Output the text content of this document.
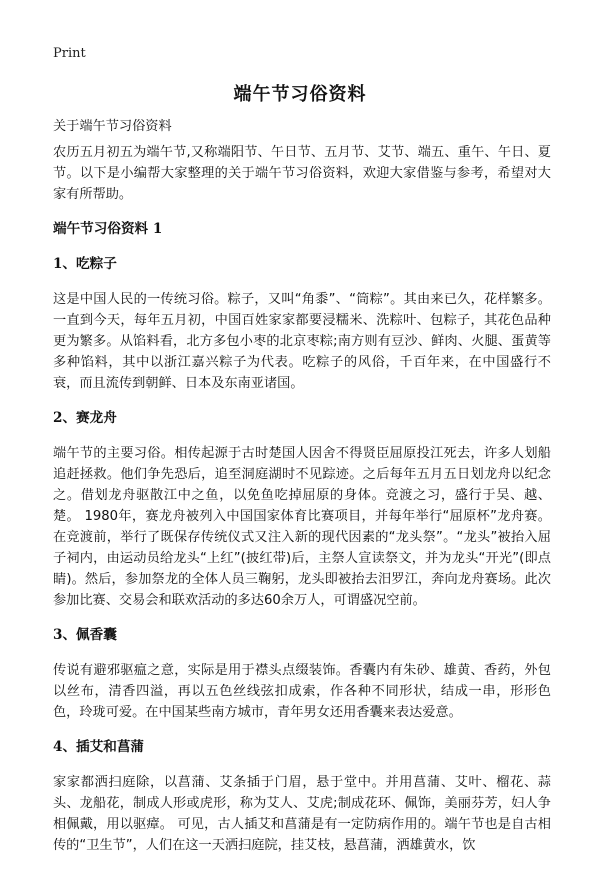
Print
端午节习俗资料
关于端午节习俗资料

农历五月初五为端午节,又称端阳节、午日节、五月节、艾节、端五、重午、午日、夏节。以下是小编帮大家整理的关于端午节习俗资料，欢迎大家借鉴与参考，希望对大家有所帮助。

端午节习俗资料 1
1、吃粽子

这是中国人民的一传统习俗。粽子，又叫“角黍”、“筒粽”。其由来已久，花样繁多。一直到今天，每年五月初，中国百姓家家都要浸糯米、洗粽叶、包粽子，其花色品种更为繁多。从馅料看，北方多包小枣的北京枣粽;南方则有豆沙、鲜肉、火腿、蛋黄等多种馅料，其中以浙江嘉兴粽子为代表。吃粽子的风俗，千百年来，在中国盛行不衰，而且流传到朝鲜、日本及东南亚诸国。

2、赛龙舟

端午节的主要习俗。相传起源于古时楚国人因舍不得贤臣屈原投江死去，许多人划船追赶拯救。他们争先恐后，追至洞庭湖时不见踪迹。之后每年五月五日划龙舟以纪念之。借划龙舟驱散江中之鱼，以免鱼吃掉屈原的身体。竞渡之习，盛行于吴、越、楚。 1980年，赛龙舟被列入中国国家体育比赛项目，并每年举行“屈原杯”龙舟赛。在竞渡前，举行了既保存传统仪式又注入新的现代因素的“龙头祭”。“龙头”被抬入屈子祠内，由运动员给龙头“上红”(披红带)后，主祭人宣读祭文，并为龙头“开光”(即点睛)。然后，参加祭龙的全体人员三鞠躬，龙头即被抬去汨罗江，奔向龙舟赛场。此次参加比赛、交易会和联欢活动的多达60余万人，可谓盛况空前。

3、佩香囊

传说有避邪驱瘟之意，实际是用于襟头点缀装饰。香囊内有朱砂、雄黄、香药，外包以丝布，清香四溢，再以五色丝线弦扣成索，作各种不同形状，结成一串，形形色色，玲珑可爱。在中国某些南方城市，青年男女还用香囊来表达爱意。

4、插艾和菖蒲

家家都洒扫庭除，以菖蒲、艾条插于门眉，悬于堂中。并用菖蒲、艾叶、榴花、蒜头、龙船花，制成人形或虎形，称为艾人、艾虎;制成花环、佩饰，美丽芬芳，妇人争相佩戴，用以驱瘴。 可见，古人插艾和菖蒲是有一定防病作用的。端午节也是自古相传的“卫生节”，人们在这一天洒扫庭院，挂艾枝，悬菖蒲，洒雄黄水，饮
